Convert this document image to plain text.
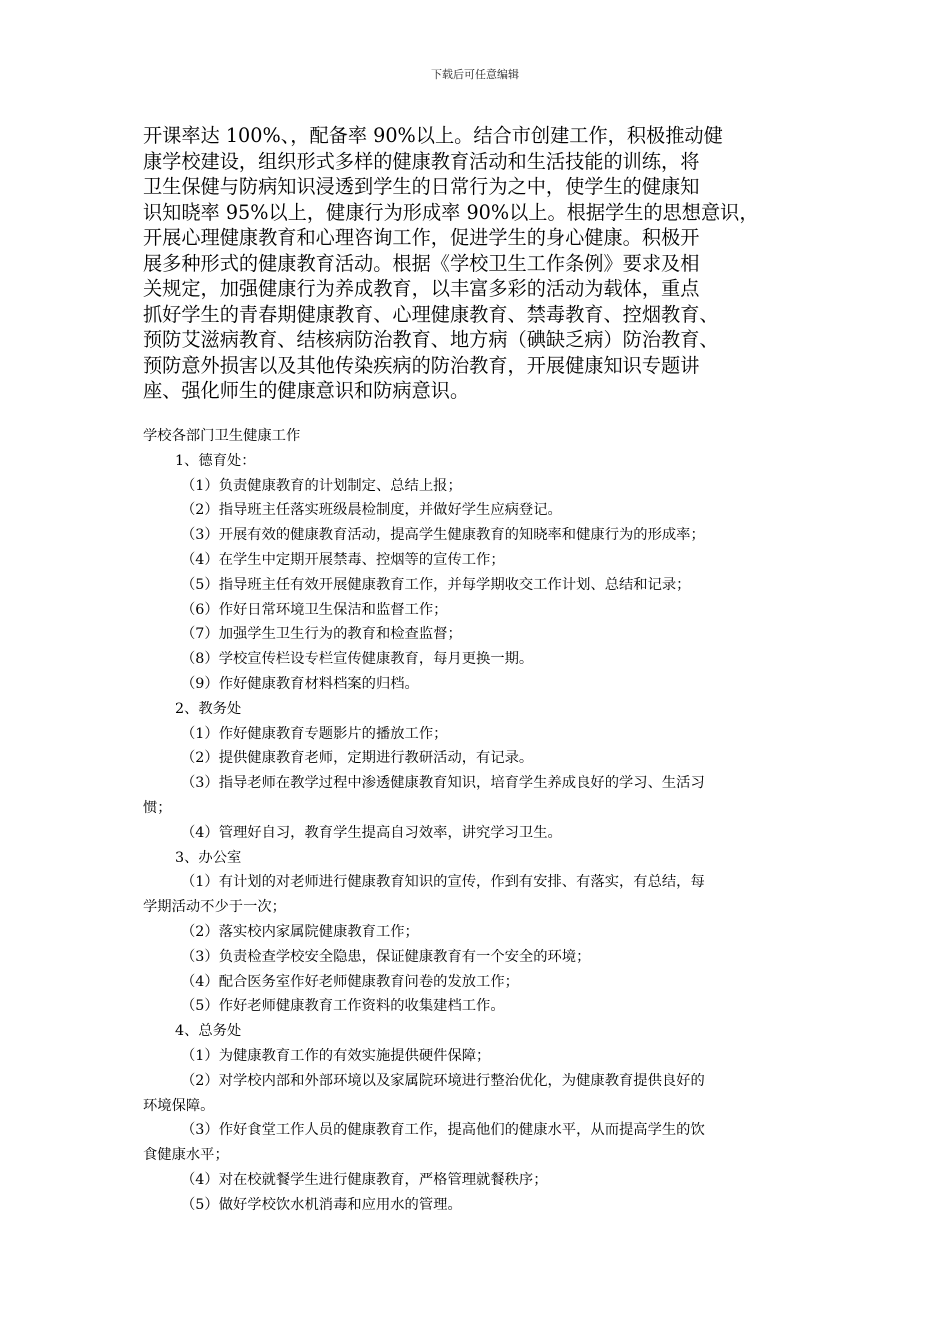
下载后可任意编辑
开课率达 100%、，配备率 90%以上。结合市创建工作，积极推动健
康学校建设，组织形式多样的健康教育活动和生活技能的训练，将
卫生保健与防病知识浸透到学生的日常行为之中，使学生的健康知
识知晓率 95%以上，健康行为形成率 90%以上。根据学生的思想意识，
开展心理健康教育和心理咨询工作，促进学生的身心健康。积极开
展多种形式的健康教育活动。根据《学校卫生工作条例》要求及相
关规定，加强健康行为养成教育，以丰富多彩的活动为载体，重点
抓好学生的青春期健康教育、心理健康教育、禁毒教育、控烟教育、
预防艾滋病教育、结核病防治教育、地方病（碘缺乏病）防治教育、
预防意外损害以及其他传染疾病的防治教育，开展健康知识专题讲
座、强化师生的健康意识和防病意识。
学校各部门卫生健康工作
1、德育处：
（1）负责健康教育的计划制定、总结上报；
（2）指导班主任落实班级晨检制度，并做好学生应病登记。
（3）开展有效的健康教育活动，提高学生健康教育的知晓率和健康行为的形成率；
（4）在学生中定期开展禁毒、控烟等的宣传工作；
（5）指导班主任有效开展健康教育工作，并每学期收交工作计划、总结和记录；
（6）作好日常环境卫生保洁和监督工作；
（7）加强学生卫生行为的教育和检查监督；
（8）学校宣传栏设专栏宣传健康教育，每月更换一期。
（9）作好健康教育材料档案的归档。
2、教务处
（1）作好健康教育专题影片的播放工作；
（2）提供健康教育老师，定期进行教研活动，有记录。
（3）指导老师在教学过程中渗透健康教育知识，培育学生养成良好的学习、生活习
惯；
（4）管理好自习，教育学生提高自习效率，讲究学习卫生。
3、办公室
（1）有计划的对老师进行健康教育知识的宣传，作到有安排、有落实，有总结，每
学期活动不少于一次；
（2）落实校内家属院健康教育工作；
（3）负责检查学校安全隐患，保证健康教育有一个安全的环境；
（4）配合医务室作好老师健康教育问卷的发放工作；
（5）作好老师健康教育工作资料的收集建档工作。
4、总务处
（1）为健康教育工作的有效实施提供硬件保障；
（2）对学校内部和外部环境以及家属院环境进行整治优化，为健康教育提供良好的
环境保障。
（3）作好食堂工作人员的健康教育工作，提高他们的健康水平，从而提高学生的饮
食健康水平；
（4）对在校就餐学生进行健康教育，严格管理就餐秩序；
（5）做好学校饮水机消毒和应用水的管理。
